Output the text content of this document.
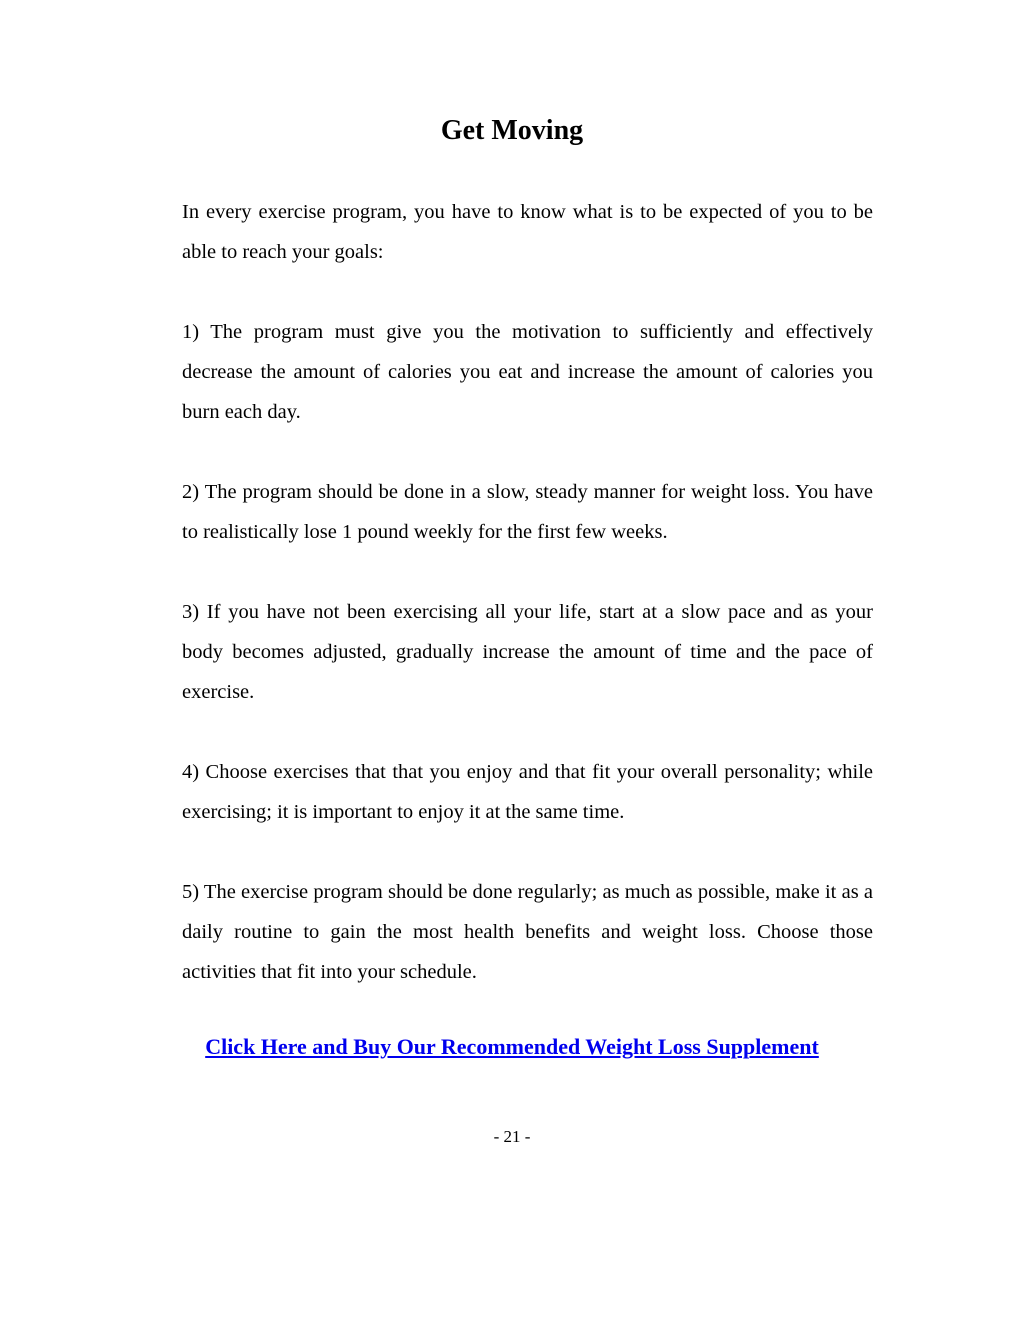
Get Moving

In every exercise program, you have to know what is to be expected of you to be able to reach your goals:

1) The program must give you the motivation to sufficiently and effectively decrease the amount of calories you eat and increase the amount of calories you burn each day.

2) The program should be done in a slow, steady manner for weight loss. You have to realistically lose 1 pound weekly for the first few weeks.

3) If you have not been exercising all your life, start at a slow pace and as your body becomes adjusted, gradually increase the amount of time and the pace of exercise.

4) Choose exercises that that you enjoy and that fit your overall personality; while exercising; it is important to enjoy it at the same time.

5) The exercise program should be done regularly; as much as possible, make it as a daily routine to gain the most health benefits and weight loss. Choose those activities that fit into your schedule.

Click Here and Buy Our Recommended Weight Loss Supplement
- 21 -
